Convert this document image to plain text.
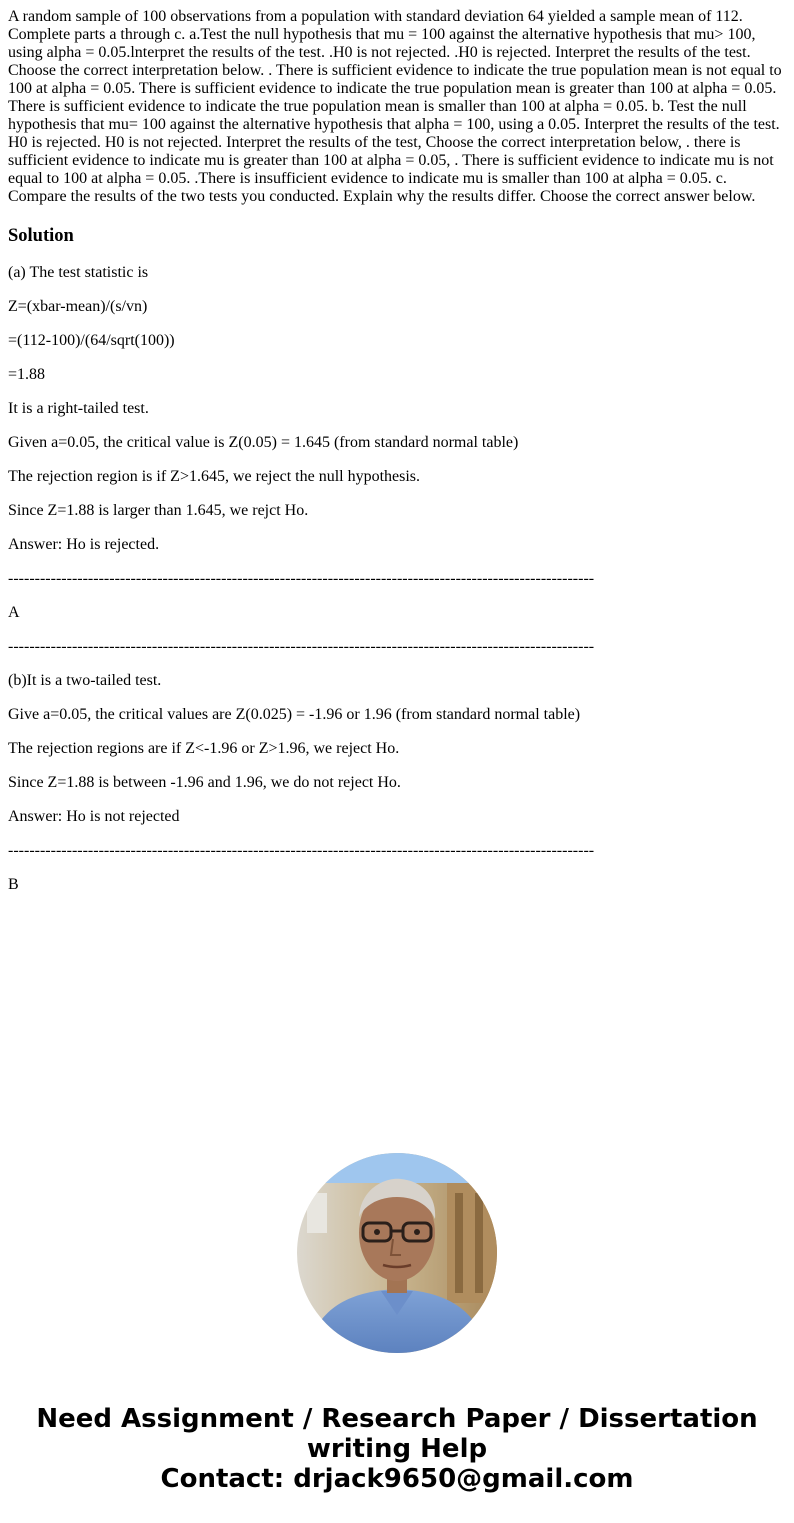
A random sample of 100 observations from a population with standard deviation 64 yielded a sample mean of 112. Complete parts a through c. a.Test the null hypothesis that mu = 100 against the alternative hypothesis that mu> 100, using alpha = 0.05.lnterpret the results of the test. .H0 is not rejected. .H0 is rejected. Interpret the results of the test. Choose the correct interpretation below. . There is sufficient evidence to indicate the true population mean is not equal to 100 at alpha = 0.05. There is sufficient evidence to indicate the true population mean is greater than 100 at alpha = 0.05. There is sufficient evidence to indicate the true population mean is smaller than 100 at alpha = 0.05. b. Test the null hypothesis that mu= 100 against the alternative hypothesis that alpha = 100, using a 0.05. Interpret the results of the test. H0 is rejected. H0 is not rejected. Interpret the results of the test, Choose the correct interpretation below, . there is sufficient evidence to indicate mu is greater than 100 at alpha = 0.05, . There is sufficient evidence to indicate mu is not equal to 100 at alpha = 0.05. .There is insufficient evidence to indicate mu is smaller than 100 at alpha = 0.05. c. Compare the results of the two tests you conducted. Explain why the results differ. Choose the correct answer below.
Solution

(a) The test statistic is

Z=(xbar-mean)/(s/vn)

=(112-100)/(64/sqrt(100))

=1.88

It is a right-tailed test.

Given a=0.05, the critical value is Z(0.05) = 1.645 (from standard normal table)

The rejection region is if Z>1.645, we reject the null hypothesis.

Since Z=1.88 is larger than 1.645, we rejct Ho.

Answer: Ho is rejected.

--------------------------------------------------------------------------------------------------------------

A

--------------------------------------------------------------------------------------------------------------

(b)It is a two-tailed test.

Give a=0.05, the critical values are Z(0.025) = -1.96 or 1.96 (from standard normal table)

The rejection regions are if Z<-1.96 or Z>1.96, we reject Ho.

Since Z=1.88 is between -1.96 and 1.96, we do not reject Ho.

Answer: Ho is not rejected

--------------------------------------------------------------------------------------------------------------

B

Need Assignment / Research Paper / Dissertation
writing Help
Contact: drjack9650@gmail.com
